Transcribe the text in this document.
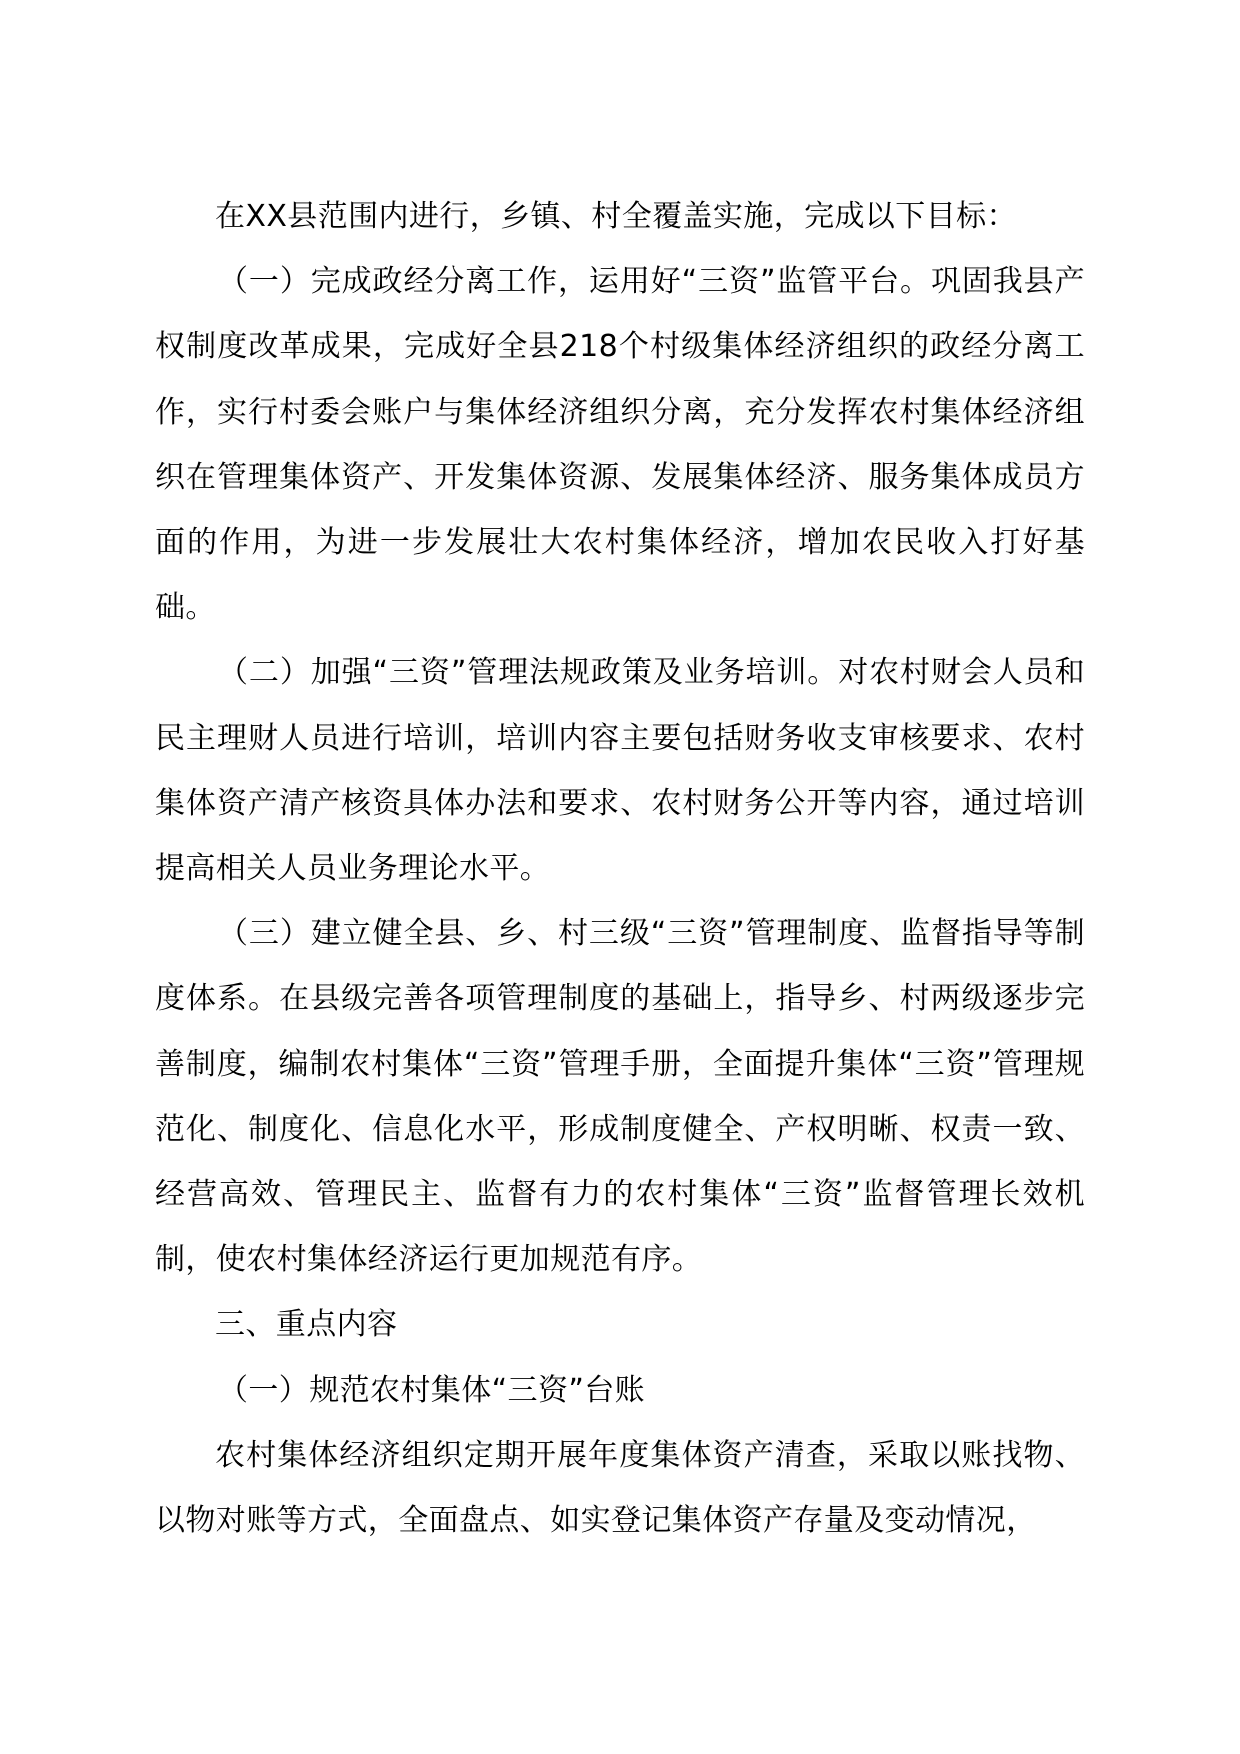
在XX县范围内进行，乡镇、村全覆盖实施，完成以下目标：

（一）完成政经分离工作，运用好“三资”监管平台。巩固我县产权制度改革成果，完成好全县218个村级集体经济组织的政经分离工作，实行村委会账户与集体经济组织分离，充分发挥农村集体经济组织在管理集体资产、开发集体资源、发展集体经济、服务集体成员方面的作用，为进一步发展壮大农村集体经济，增加农民收入打好基础。

（二）加强“三资”管理法规政策及业务培训。对农村财会人员和民主理财人员进行培训，培训内容主要包括财务收支审核要求、农村集体资产清产核资具体办法和要求、农村财务公开等内容，通过培训提高相关人员业务理论水平。

（三）建立健全县、乡、村三级“三资”管理制度、监督指导等制度体系。在县级完善各项管理制度的基础上，指导乡、村两级逐步完善制度，编制农村集体“三资”管理手册，全面提升集体“三资”管理规范化、制度化、信息化水平，形成制度健全、产权明晰、权责一致、经营高效、管理民主、监督有力的农村集体“三资”监督管理长效机制，使农村集体经济运行更加规范有序。

三、重点内容

（一）规范农村集体“三资”台账

农村集体经济组织定期开展年度集体资产清查，采取以账找物、以物对账等方式，全面盘点、如实登记集体资产存量及变动情况，
